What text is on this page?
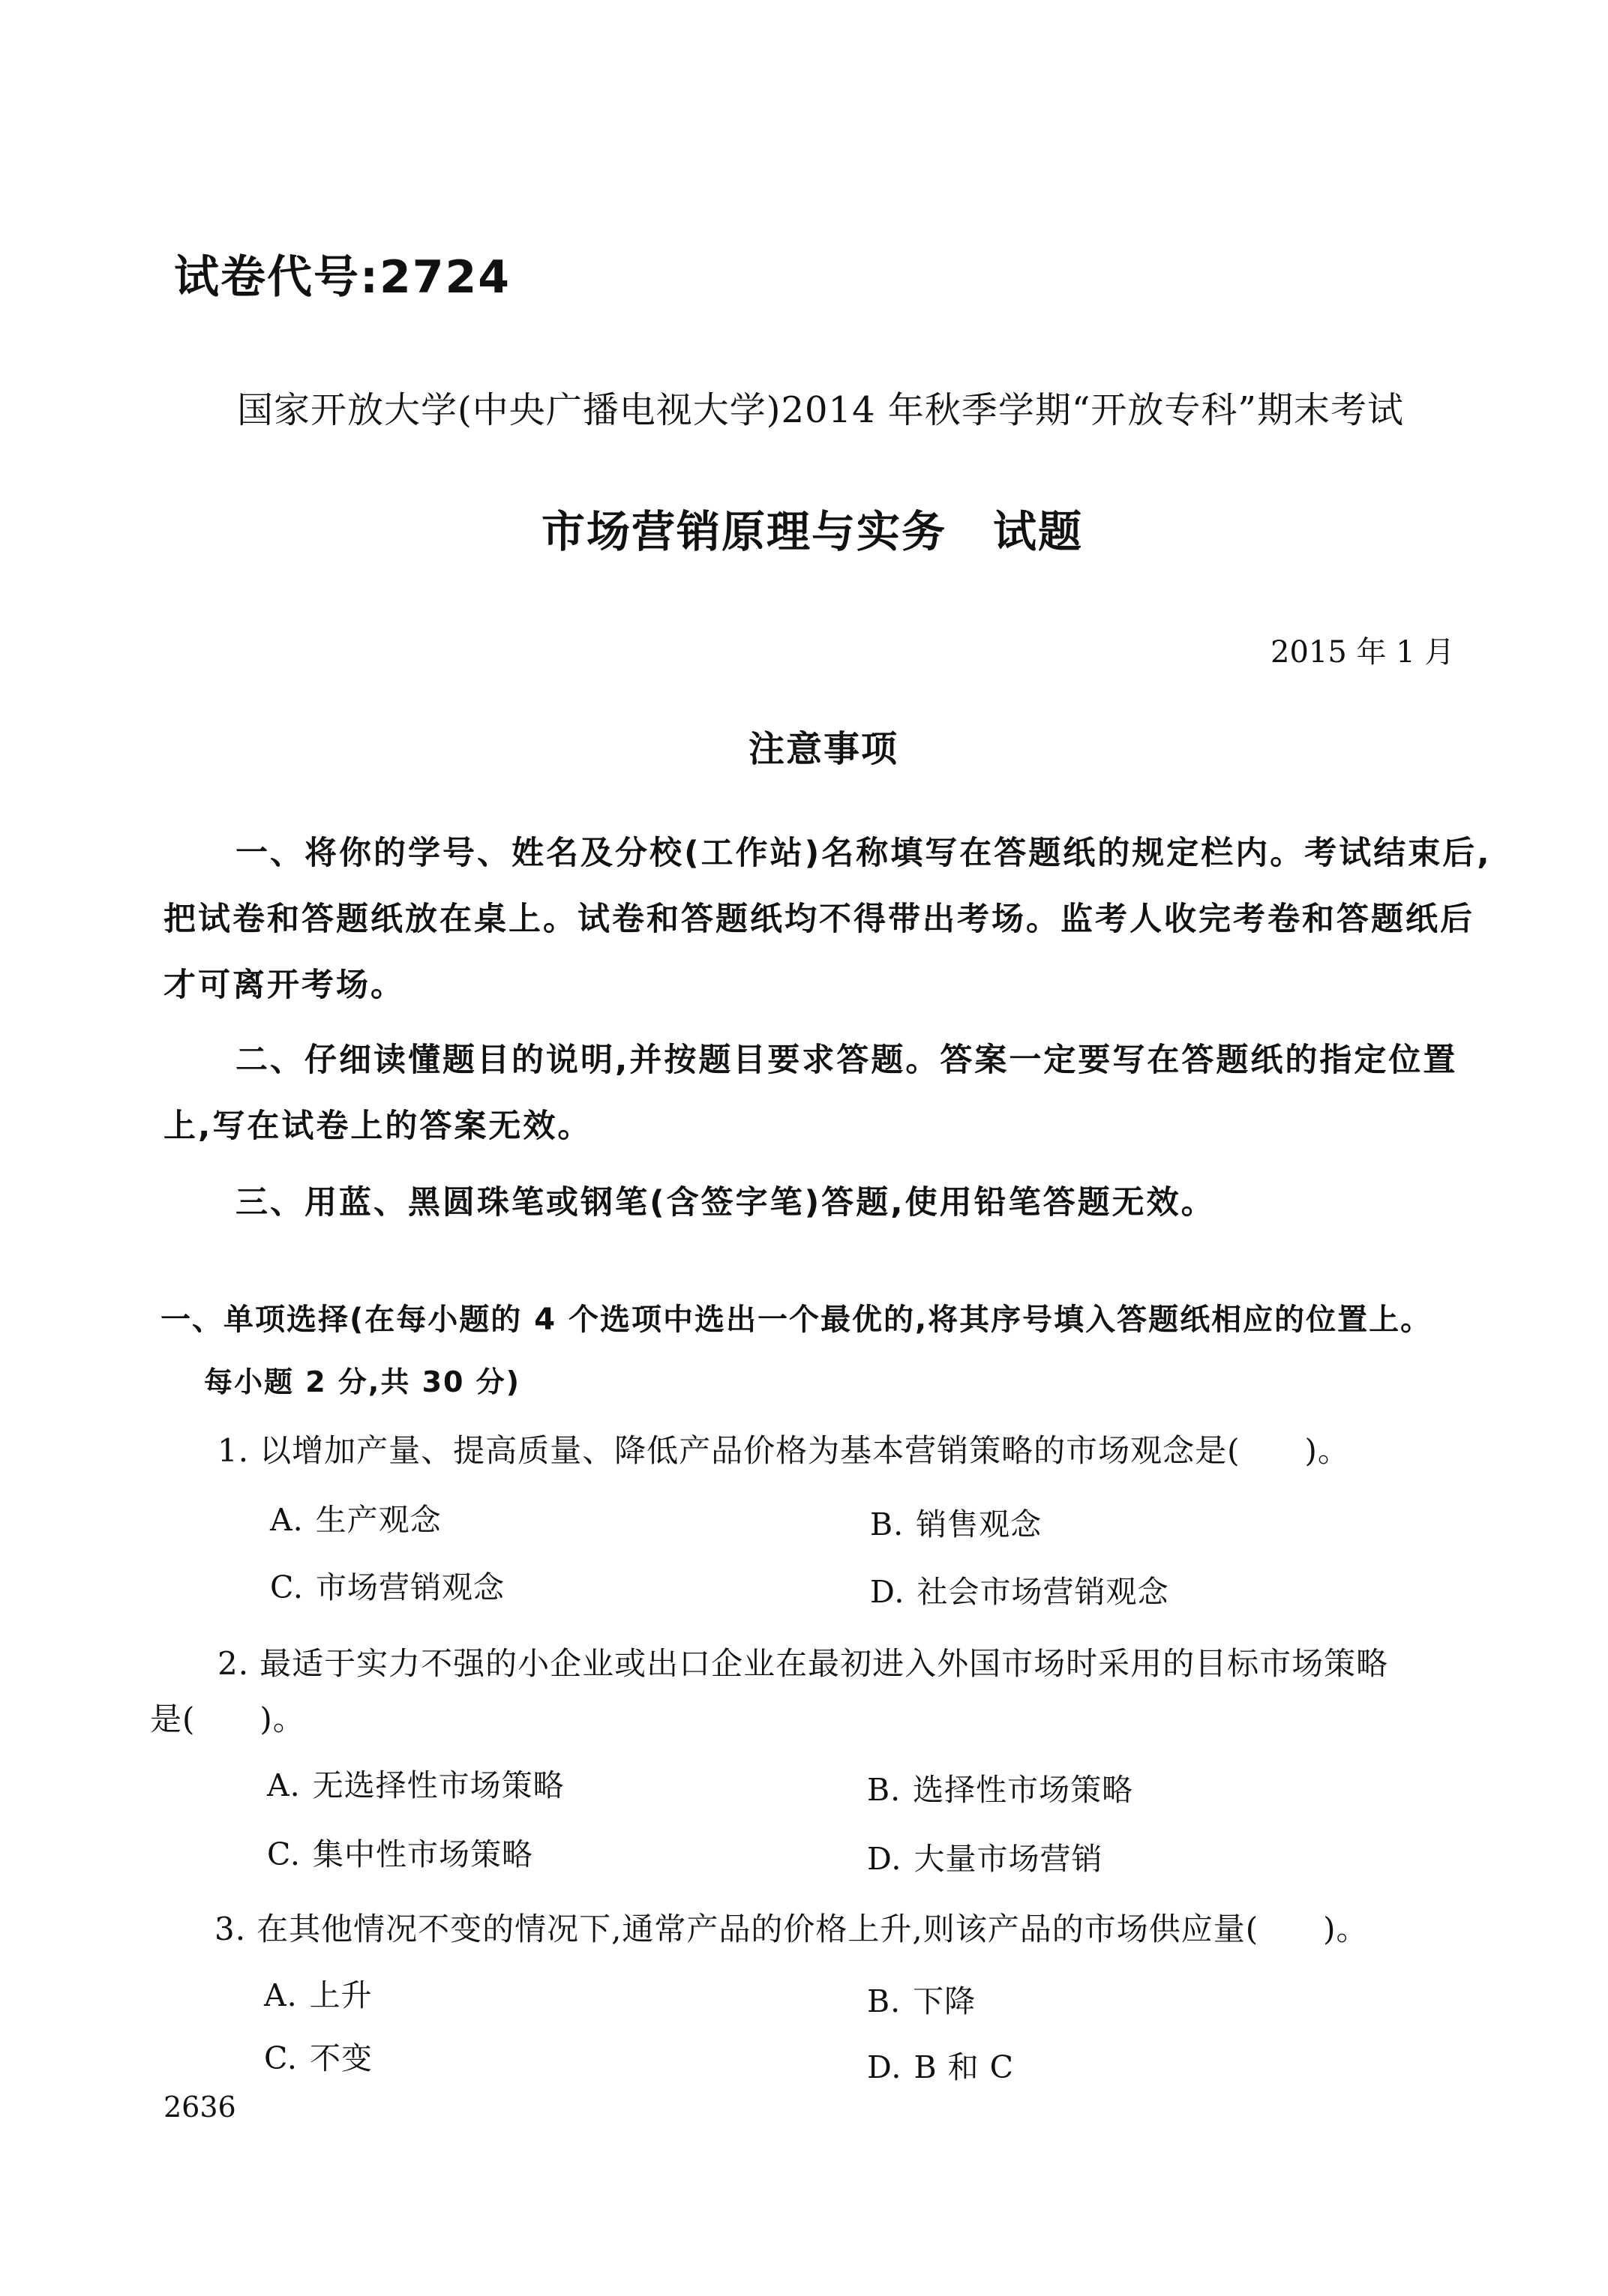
试卷代号:2724
国家开放大学(中央广播电视大学)2014 年秋季学期“开放专科”期末考试
市场营销原理与实务 试题
2015 年 1 月
注意事项

一、将你的学号、姓名及分校(工作站)名称填写在答题纸的规定栏内。考试结束后,把试卷和答题纸放在桌上。试卷和答题纸均不得带出考场。监考人收完考卷和答题纸后才可离开考场。

二、仔细读懂题目的说明,并按题目要求答题。答案一定要写在答题纸的指定位置上,写在试卷上的答案无效。

三、用蓝、黑圆珠笔或钢笔(含签字笔)答题,使用铅笔答题无效。

一、单项选择(在每小题的 4 个选项中选出一个最优的,将其序号填入答题纸相应的位置上。
每小题 2 分,共 30 分)
1. 以增加产量、提高质量、降低产品价格为基本营销策略的市场观念是(　　)。
A. 生产观念	B. 销售观念
C. 市场营销观念	D. 社会市场营销观念
2. 最适于实力不强的小企业或出口企业在最初进入外国市场时采用的目标市场策略
是(　　)。
A. 无选择性市场策略	B. 选择性市场策略
C. 集中性市场策略	D. 大量市场营销
3. 在其他情况不变的情况下,通常产品的价格上升,则该产品的市场供应量(　　)。
A. 上升	B. 下降
C. 不变	D. B 和 C
2636
